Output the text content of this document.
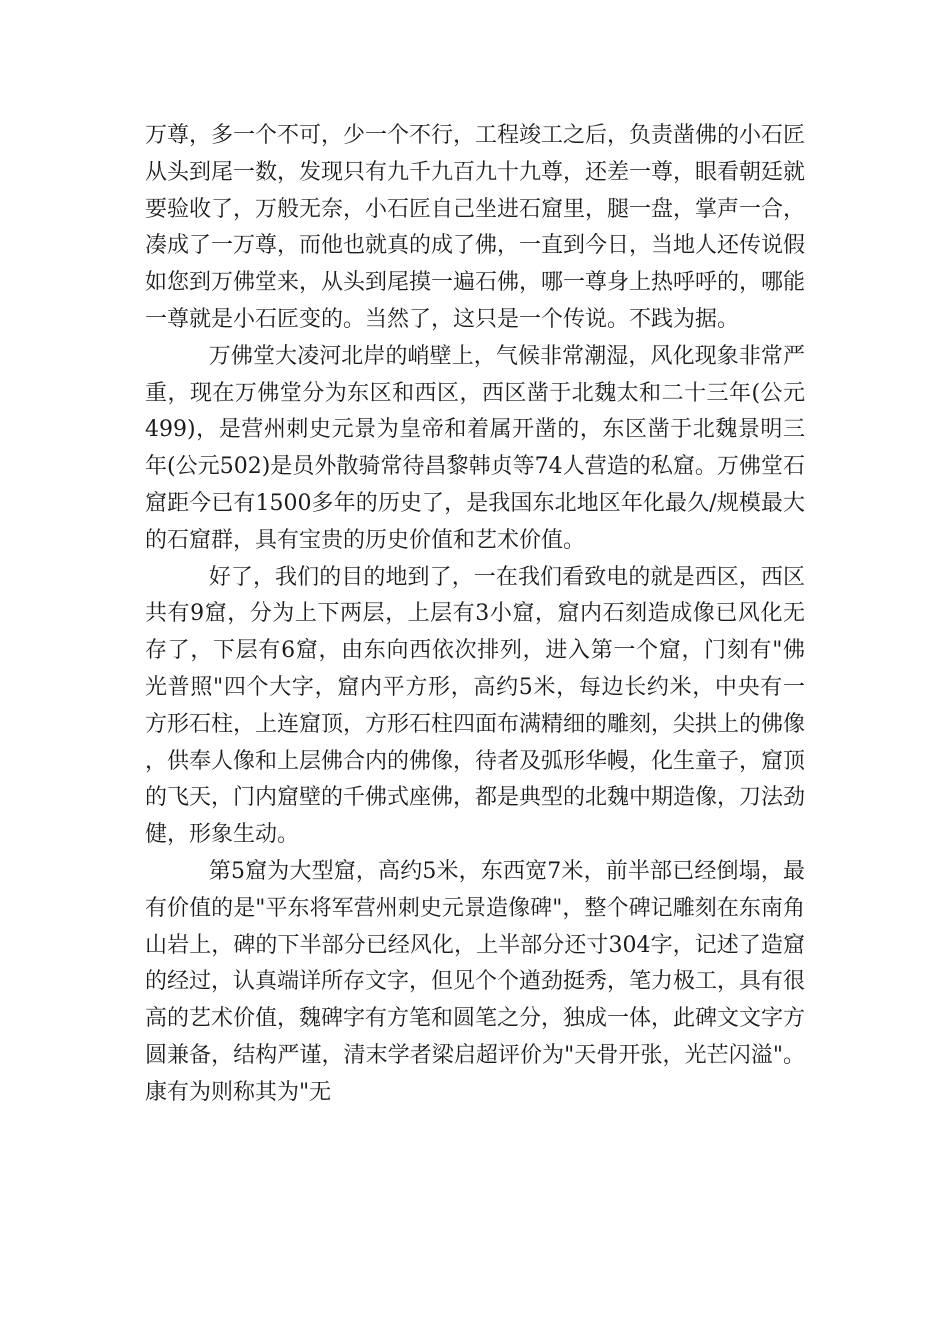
万尊，多一个不可，少一个不行，工程竣工之后，负责凿佛的小石匠从头到尾一数，发现只有九千九百九十九尊，还差一尊，眼看朝廷就要验收了，万般无奈，小石匠自己坐进石窟里，腿一盘，掌声一合，凑成了一万尊，而他也就真的成了佛，一直到今日，当地人还传说假如您到万佛堂来，从头到尾摸一遍石佛，哪一尊身上热呼呼的，哪能一尊就是小石匠变的。当然了，这只是一个传说。不践为据。

万佛堂大凌河北岸的峭壁上，气候非常潮湿，风化现象非常严重，现在万佛堂分为东区和西区，西区凿于北魏太和二十三年(公元499)，是营州刺史元景为皇帝和着属开凿的，东区凿于北魏景明三年(公元502)是员外散骑常待昌黎韩贞等74人营造的私窟。万佛堂石窟距今已有1500多年的历史了，是我国东北地区年化最久/规模最大的石窟群，具有宝贵的历史价值和艺术价值。

好了，我们的目的地到了，一在我们看致电的就是西区，西区共有9窟，分为上下两层，上层有3小窟，窟内石刻造成像已风化无存了，下层有6窟，由东向西依次排列，进入第一个窟，门刻有"佛光普照"四个大字，窟内平方形，高约5米，每边长约米，中央有一方形石柱，上连窟顶，方形石柱四面布满精细的雕刻，尖拱上的佛像，供奉人像和上层佛合内的佛像，待者及弧形华幔，化生童子，窟顶的飞天，门内窟壁的千佛式座佛，都是典型的北魏中期造像，刀法劲健，形象生动。

第5窟为大型窟，高约5米，东西宽7米，前半部已经倒塌，最有价值的是"平东将军营州刺史元景造像碑"，整个碑记雕刻在东南角山岩上，碑的下半部分已经风化，上半部分还寸304字，记述了造窟的经过，认真端详所存文字，但见个个遒劲挺秀，笔力极工，具有很高的艺术价值，魏碑字有方笔和圆笔之分，独成一体，此碑文文字方圆兼备，结构严谨，清末学者梁启超评价为"天骨开张，光芒闪溢"。康有为则称其为"无
